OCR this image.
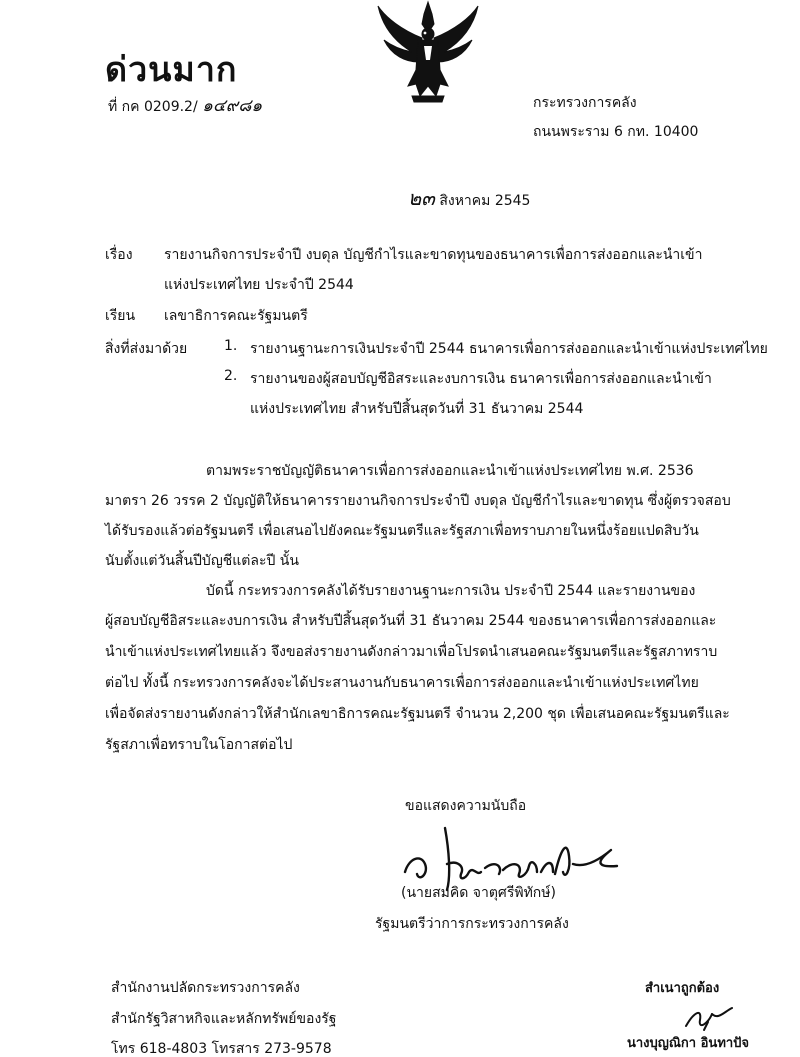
ด่วนมาก
ที่ กค 0209.2/ ๑๔๙๘๑	กระทรวงการคลัง
ถนนพระราม 6 กท. 10400
๒๓ สิงหาคม 2545
เรื่อง รายงานกิจการประจำปี งบดุล บัญชีกำไรและขาดทุนของธนาคารเพื่อการส่งออกและนำเข้า
แห่งประเทศไทย ประจำปี 2544
เรียน เลขาธิการคณะรัฐมนตรี
สิ่งที่ส่งมาด้วย	1. รายงานฐานะการเงินประจำปี 2544 ธนาคารเพื่อการส่งออกและนำเข้าแห่งประเทศไทย
2. รายงานของผู้สอบบัญชีอิสระและงบการเงิน ธนาคารเพื่อการส่งออกและนำเข้า
แห่งประเทศไทย สำหรับปีสิ้นสุดวันที่ 31 ธันวาคม 2544
ตามพระราชบัญญัติธนาคารเพื่อการส่งออกและนำเข้าแห่งประเทศไทย พ.ศ. 2536
มาตรา 26 วรรค 2 บัญญัติให้ธนาคารรายงานกิจการประจำปี งบดุล บัญชีกำไรและขาดทุน ซึ่งผู้ตรวจสอบ
ได้รับรองแล้วต่อรัฐมนตรี เพื่อเสนอไปยังคณะรัฐมนตรีและรัฐสภาเพื่อทราบภายในหนึ่งร้อยแปดสิบวัน
นับตั้งแต่วันสิ้นปีบัญชีแต่ละปี นั้น
บัดนี้ กระทรวงการคลังได้รับรายงานฐานะการเงิน ประจำปี 2544 และรายงานของ
ผู้สอบบัญชีอิสระและงบการเงิน สำหรับปีสิ้นสุดวันที่ 31 ธันวาคม 2544 ของธนาคารเพื่อการส่งออกและ
นำเข้าแห่งประเทศไทยแล้ว จึงขอส่งรายงานดังกล่าวมาเพื่อโปรดนำเสนอคณะรัฐมนตรีและรัฐสภาทราบ
ต่อไป ทั้งนี้ กระทรวงการคลังจะได้ประสานงานกับธนาคารเพื่อการส่งออกและนำเข้าแห่งประเทศไทย
เพื่อจัดส่งรายงานดังกล่าวให้สำนักเลขาธิการคณะรัฐมนตรี จำนวน 2,200 ชุด เพื่อเสนอคณะรัฐมนตรีและ
รัฐสภาเพื่อทราบในโอกาสต่อไป
ขอแสดงความนับถือ
(นายสมคิด จาตุศรีพิทักษ์)
รัฐมนตรีว่าการกระทรวงการคลัง
สำนักงานปลัดกระทรวงการคลัง
สำนักรัฐวิสาหกิจและหลักทรัพย์ของรัฐ
โทร 618-4803 โทรสาร 273-9578
สำเนาถูกต้อง
นางบุญณิกา อินทาปัจ
